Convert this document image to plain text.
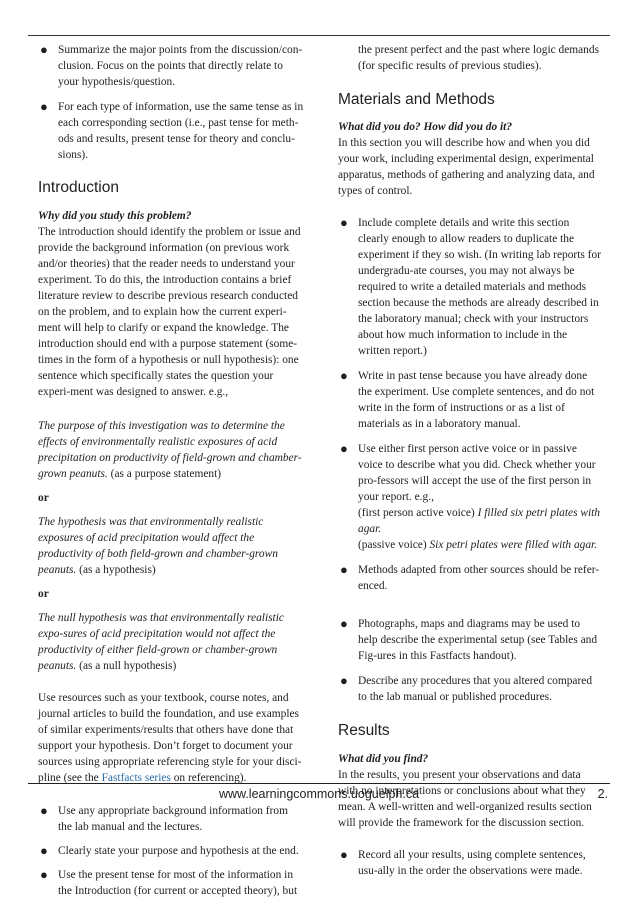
● Summarize the major points from the discussion/con-clusion. Focus on the points that directly relate to your hypothesis/question.
● For each type of information, use the same tense as in each corresponding section (i.e., past tense for meth-ods and results, present tense for theory and conclu-sions).
Introduction
Why did you study this problem?

The introduction should identify the problem or issue and provide the background information (on previous work and/or theories) that the reader needs to understand your experiment. To do this, the introduction contains a brief literature review to describe previous research conducted on the problem, and to explain how the current experi-ment will help to clarify or expand the knowledge. The introduction should end with a purpose statement (some-times in the form of a hypothesis or null hypothesis): one sentence which specifically states the question your experi-ment was designed to answer. e.g.,

The purpose of this investigation was to determine the effects of environmentally realistic exposures of acid precipitation on productivity of field-grown and chamber-grown peanuts. (as a purpose statement)

or

The hypothesis was that environmentally realistic exposures of acid precipitation would affect the productivity of both field-grown and chamber-grown peanuts. (as a hypothesis)

or

The null hypothesis was that environmentally realistic expo-sures of acid precipitation would not affect the productivity of either field-grown or chamber-grown peanuts. (as a null hypothesis)

Use resources such as your textbook, course notes, and journal articles to build the foundation, and use examples of similar experiments/results that others have done that support your hypothesis. Don’t forget to document your sources using appropriate referencing style for your disci-pline (see the Fastfacts series on referencing).

● Use any appropriate background information from the lab manual and the lectures.
● Clearly state your purpose and hypothesis at the end.
● Use the present tense for most of the information in the Introduction (for current or accepted theory), but

the present perfect and the past where logic demands (for specific results of previous studies).

Materials and Methods
What did you do? How did you do it?

In this section you will describe how and when you did your work, including experimental design, experimental apparatus, methods of gathering and analyzing data, and types of control.

● Include complete details and write this section clearly enough to allow readers to duplicate the experiment if they so wish. (In writing lab reports for undergradu-ate courses, you may not always be required to write a detailed materials and methods section because the methods are already described in the laboratory manual; check with your instructors about how much information to include in the written report.)
● Write in past tense because you have already done the experiment. Use complete sentences, and do not write in the form of instructions or as a list of materials as in a laboratory manual.
● Use either first person active voice or in passive voice to describe what you did. Check whether your pro-fessors will accept the use of the first person in your report. e.g.,
(first person active voice) I filled six petri plates with agar.
(passive voice) Six petri plates were filled with agar.
● Methods adapted from other sources should be refer-enced.
● Photographs, maps and diagrams may be used to help describe the experimental setup (see Tables and Fig-ures in this Fastfacts handout).
● Describe any procedures that you altered compared to the lab manual or published procedures.
Results
What did you find?

In the results, you present your observations and data with no interpretations or conclusions about what they mean. A well-written and well-organized results section will provide the framework for the discussion section.

● Record all your results, using complete sentences, usu-ally in the order the observations were made.
www.learningcommons.uoguelph.ca	2.
